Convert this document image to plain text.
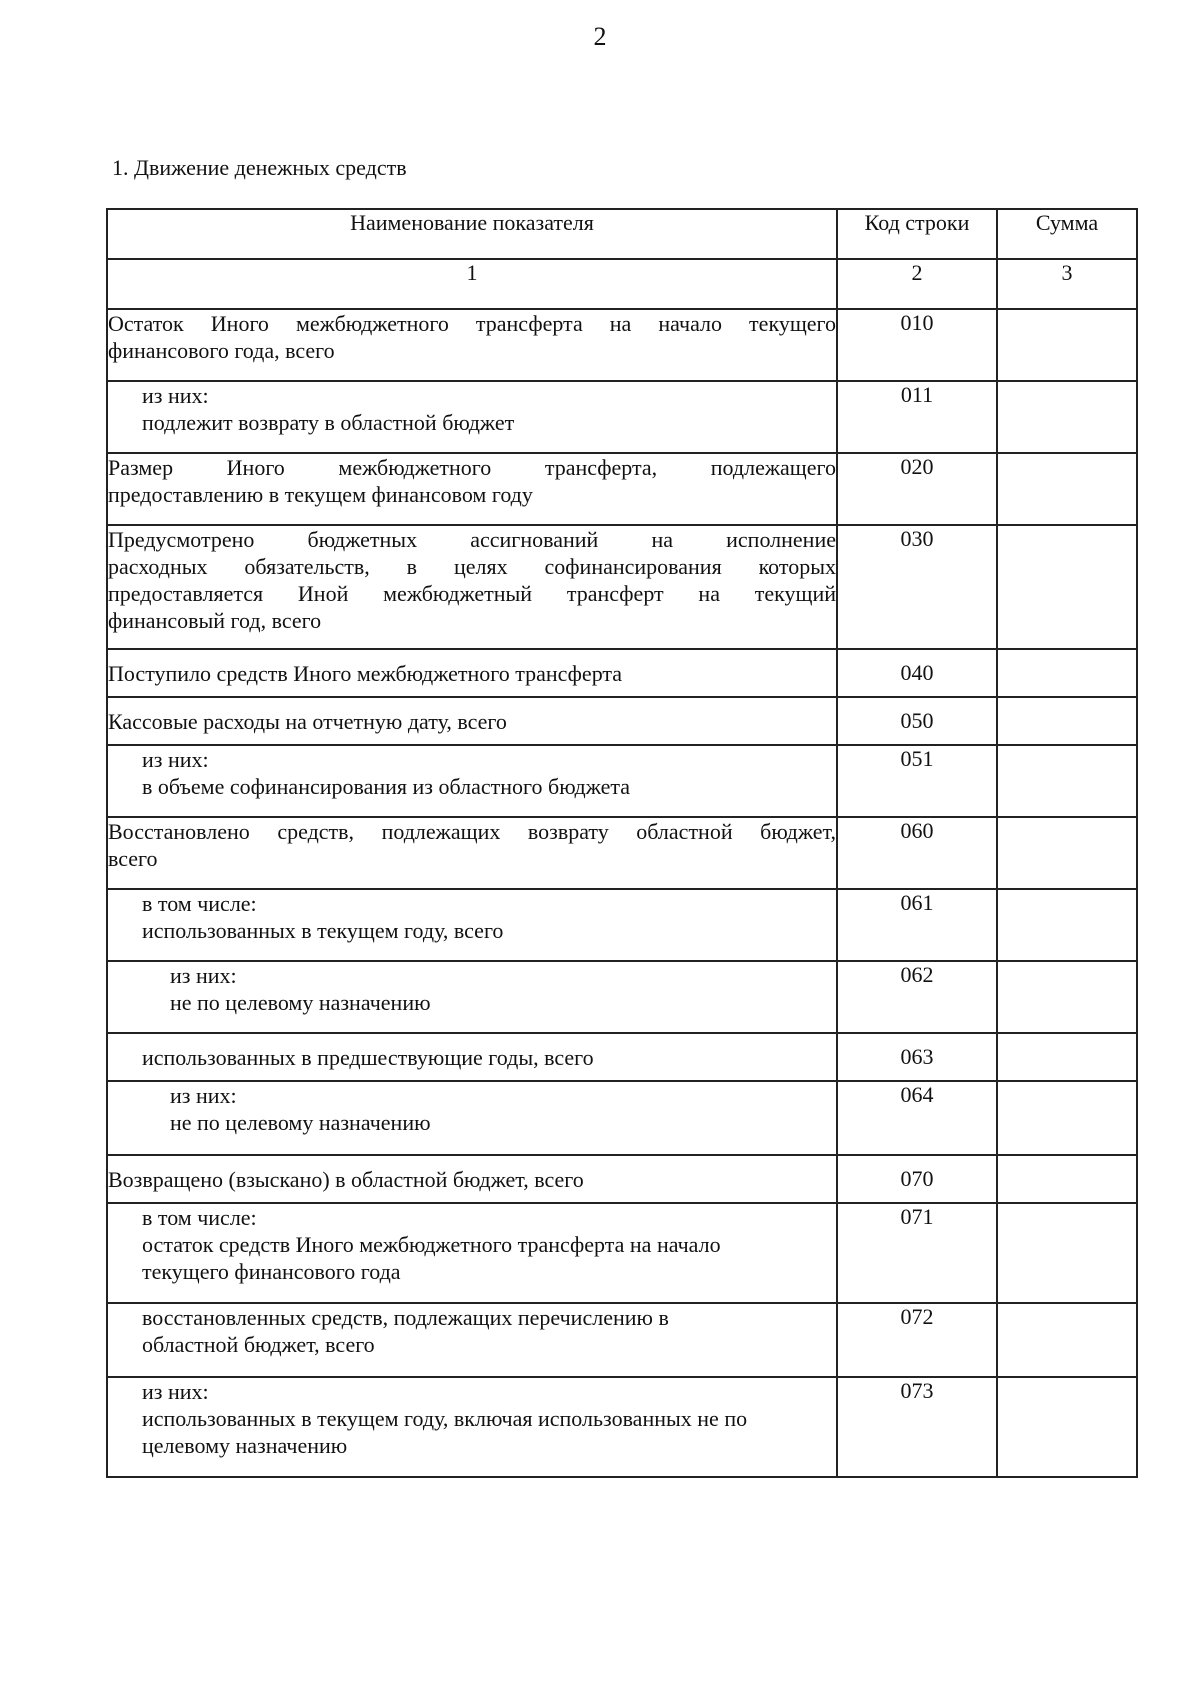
2
1. Движение денежных средств
Наименование показателя	Код строки	Сумма
1	2	3

Остаток Иного межбюджетного трансферта на начало текущего
финансового года, всего	010	

из них:
подлежит возврату в областной бюджет	011	

Размер Иного межбюджетного трансферта, подлежащего
предоставлению в текущем финансовом году	020	

Предусмотрено бюджетных ассигнований на исполнение
расходных обязательств, в целях софинансирования которых
предоставляется Иной межбюджетный трансферт на текущий
финансовый год, всего	030	

Поступило средств Иного межбюджетного трансферта	040	

Кассовые расходы на отчетную дату, всего	050	

из них:
в объеме софинансирования из областного бюджета	051	

Восстановлено средств, подлежащих возврату областной бюджет,
всего	060	

в том числе:
использованных в текущем году, всего	061	

из них:
не по целевому назначению	062	

использованных в предшествующие годы, всего	063	

из них:
не по целевому назначению	064	

Возвращено (взыскано) в областной бюджет, всего	070	

в том числе:
остаток средств Иного межбюджетного трансферта на начало
текущего финансового года	071	

восстановленных средств, подлежащих перечислению в
областной бюджет, всего	072	

из них:
использованных в текущем году, включая использованных не по
целевому назначению	073	
